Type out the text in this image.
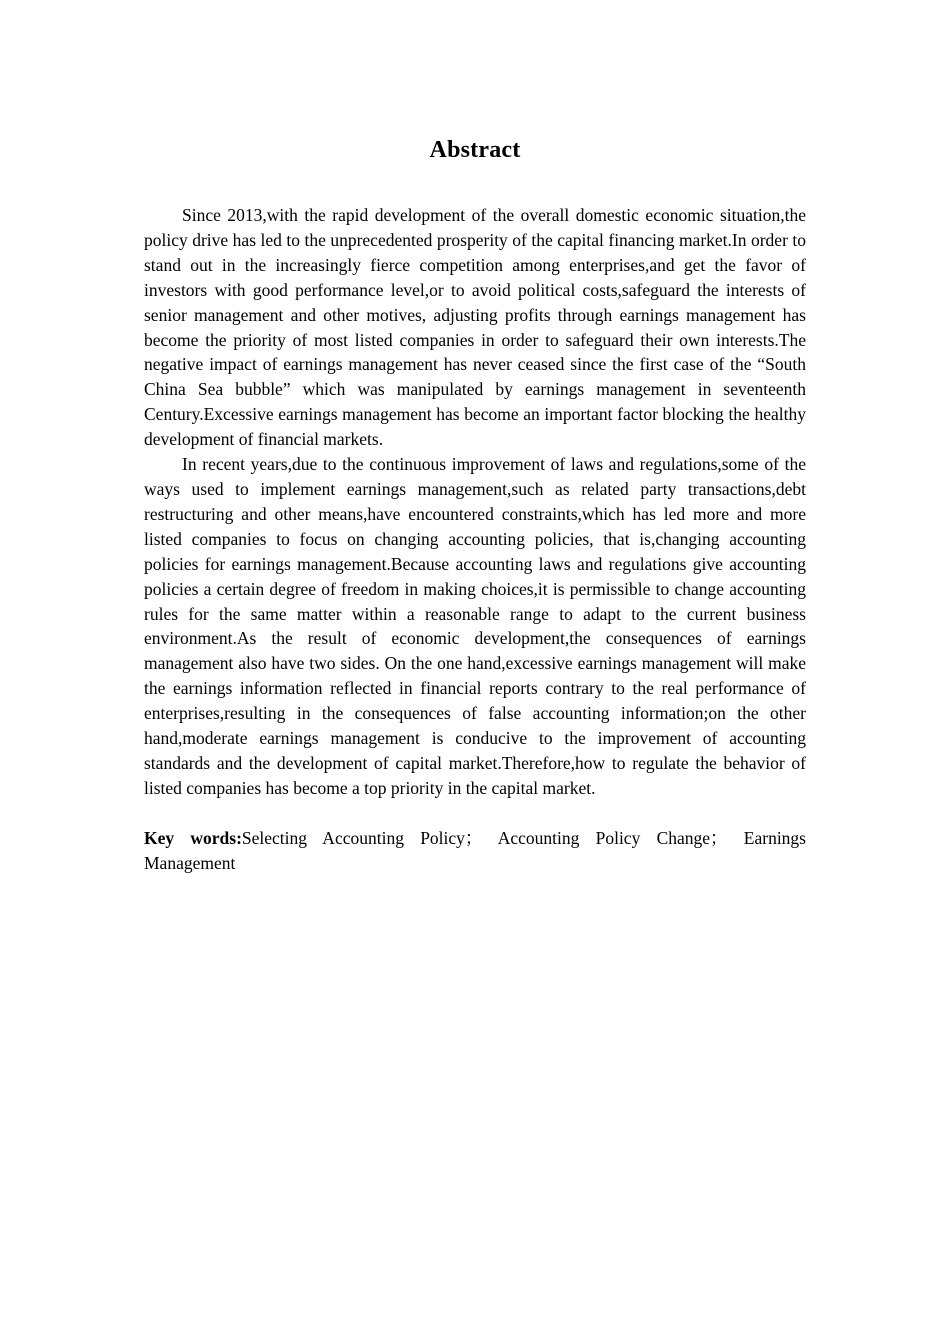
Abstract

Since 2013,with the rapid development of the overall domestic economic situation,the policy drive has led to the unprecedented prosperity of the capital financing market.In order to stand out in the increasingly fierce competition among enterprises,and get the favor of investors with good performance level,or to avoid political costs,safeguard the interests of senior management and other motives, adjusting profits through earnings management has become the priority of most listed companies in order to safeguard their own interests.The negative impact of earnings management has never ceased since the first case of the “South China Sea bubble” which was manipulated by earnings management in seventeenth Century.Excessive earnings management has become an important factor blocking the healthy development of financial markets.

In recent years,due to the continuous improvement of laws and regulations,some of the ways used to implement earnings management,such as related party transactions,debt restructuring and other means,have encountered constraints,which has led more and more listed companies to focus on changing accounting policies, that is,changing accounting policies for earnings management.Because accounting laws and regulations give accounting policies a certain degree of freedom in making choices,it is permissible to change accounting rules for the same matter within a reasonable range to adapt to the current business environment.As the result of economic development,the consequences of earnings management also have two sides. On the one hand,excessive earnings management will make the earnings information reflected in financial reports contrary to the real performance of enterprises,resulting in the consequences of false accounting information;on the other hand,moderate earnings management is conducive to the improvement of accounting standards and the development of capital market.Therefore,how to regulate the behavior of listed companies has become a top priority in the capital market.

Key words:Selecting Accounting Policy； Accounting Policy Change； Earnings Management
